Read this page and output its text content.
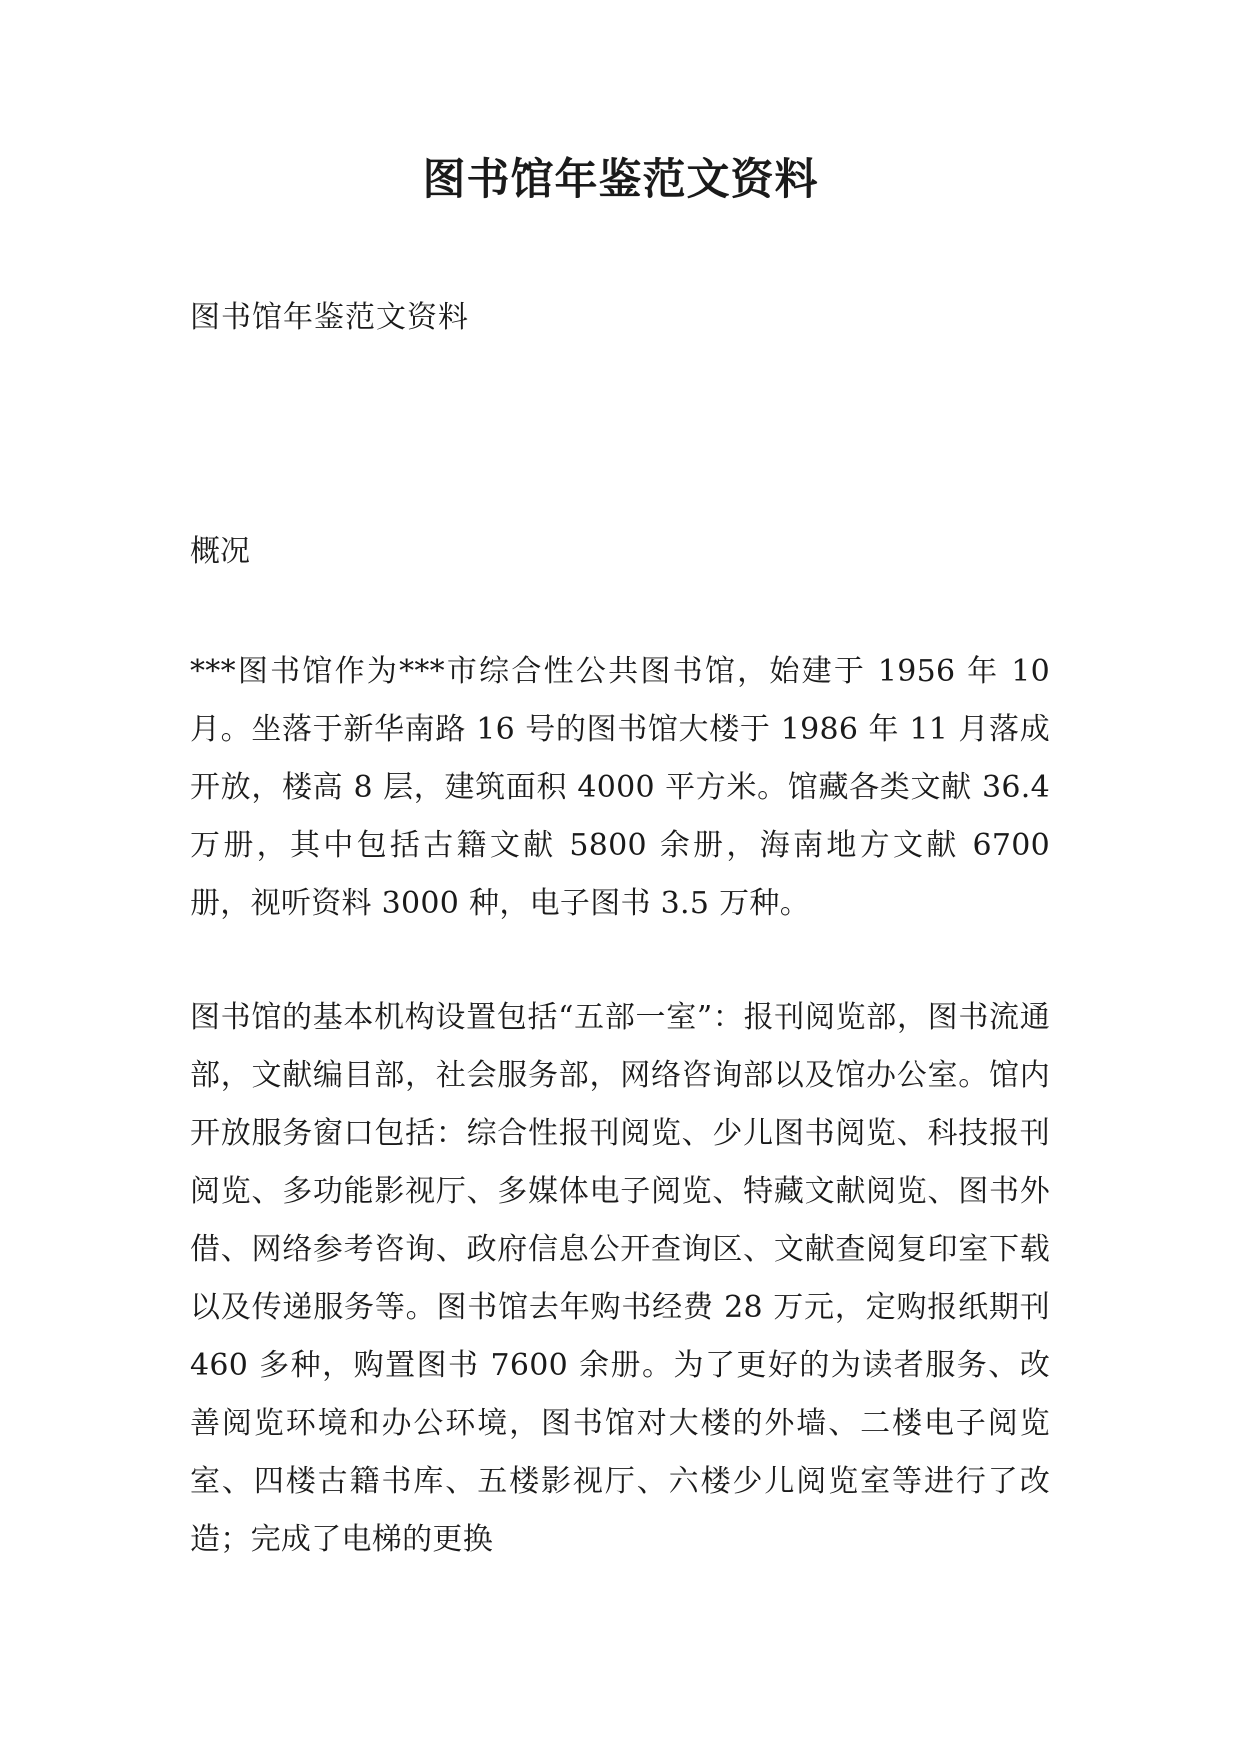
图书馆年鉴范文资料

图书馆年鉴范文资料

概况

***图书馆作为***市综合性公共图书馆，始建于 1956 年 10 月。坐落于新华南路 16 号的图书馆大楼于 1986 年 11 月落成开放，楼高 8 层，建筑面积 4000 平方米。馆藏各类文献 36.4 万册，其中包括古籍文献 5800 余册，海南地方文献 6700 册，视听资料 3000 种，电子图书 3.5 万种。

图书馆的基本机构设置包括“五部一室”：报刊阅览部，图书流通部，文献编目部，社会服务部，网络咨询部以及馆办公室。馆内开放服务窗口包括：综合性报刊阅览、少儿图书阅览、科技报刊阅览、多功能影视厅、多媒体电子阅览、特藏文献阅览、图书外借、网络参考咨询、政府信息公开查询区、文献查阅复印室下载以及传递服务等。图书馆去年购书经费 28 万元，定购报纸期刊 460 多种，购置图书 7600 余册。为了更好的为读者服务、改善阅览环境和办公环境，图书馆对大楼的外墙、二楼电子阅览室、四楼古籍书库、五楼影视厅、六楼少儿阅览室等进行了改造；完成了电梯的更换
